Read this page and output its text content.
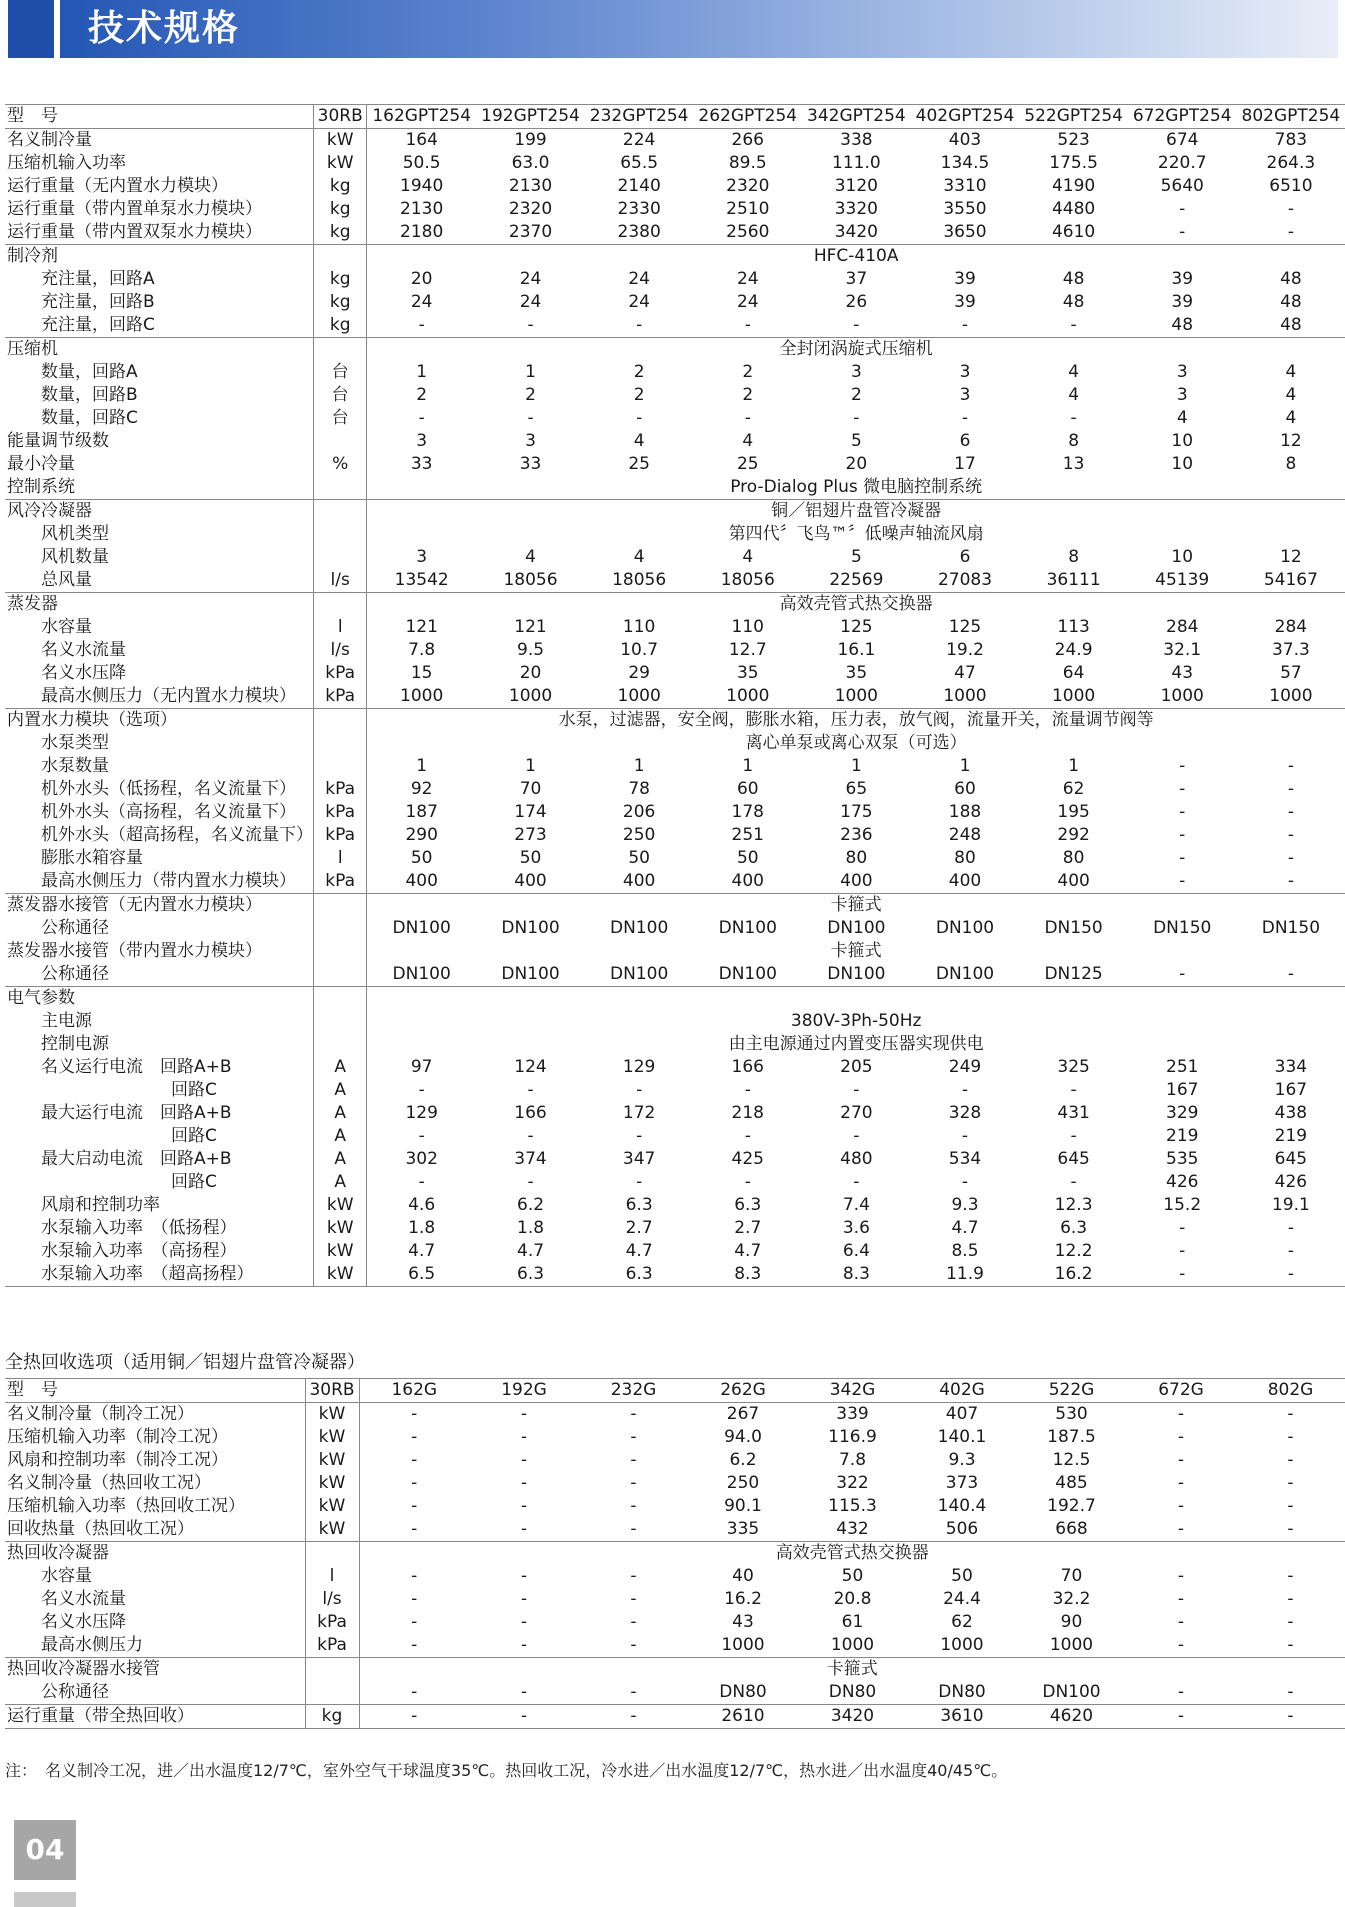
技术规格
型　号	30RB	162GPT254	192GPT254	232GPT254	262GPT254	342GPT254	402GPT254	522GPT254	672GPT254	802GPT254
名义制冷量	kW	164	199	224	266	338	403	523	674	783
压缩机输入功率	kW	50.5	63.0	65.5	89.5	111.0	134.5	175.5	220.7	264.3
运行重量（无内置水力模块）	kg	1940	2130	2140	2320	3120	3310	4190	5640	6510
运行重量（带内置单泵水力模块）	kg	2130	2320	2330	2510	3320	3550	4480	-	-
运行重量（带内置双泵水力模块）	kg	2180	2370	2380	2560	3420	3650	4610	-	-
制冷剂		HFC-410A								
充注量，回路A	kg	20	24	24	24	37	39	48	39	48
充注量，回路B	kg	24	24	24	24	26	39	48	39	48
充注量，回路C	kg	-	-	-	-	-	-	-	48	48
压缩机		全封闭涡旋式压缩机								
数量，回路A	台	1	1	2	2	3	3	4	3	4
数量，回路B	台	2	2	2	2	2	3	4	3	4
数量，回路C	台	-	-	-	-	-	-	-	4	4
能量调节级数		3	3	4	4	5	6	8	10	12
最小冷量	%	33	33	25	25	20	17	13	10	8
控制系统		Pro-Dialog Plus 微电脑控制系统								
风冷冷凝器		铜／铝翅片盘管冷凝器								
风机类型		第四代〞飞鸟™〞低噪声轴流风扇								
风机数量		3	4	4	4	5	6	8	10	12
总风量	l/s	13542	18056	18056	18056	22569	27083	36111	45139	54167
蒸发器		高效壳管式热交换器								
水容量	l	121	121	110	110	125	125	113	284	284
名义水流量	l/s	7.8	9.5	10.7	12.7	16.1	19.2	24.9	32.1	37.3
名义水压降	kPa	15	20	29	35	35	47	64	43	57
最高水侧压力（无内置水力模块）	kPa	1000	1000	1000	1000	1000	1000	1000	1000	1000
内置水力模块（选项）		水泵，过滤器，安全阀，膨胀水箱，压力表，放气阀，流量开关，流量调节阀等								
水泵类型		离心单泵或离心双泵（可选）								
水泵数量		1	1	1	1	1	1	1	-	-
机外水头（低扬程，名义流量下）	kPa	92	70	78	60	65	60	62	-	-
机外水头（高扬程，名义流量下）	kPa	187	174	206	178	175	188	195	-	-
机外水头（超高扬程，名义流量下）	kPa	290	273	250	251	236	248	292	-	-
膨胀水箱容量	l	50	50	50	50	80	80	80	-	-
最高水侧压力（带内置水力模块）	kPa	400	400	400	400	400	400	400	-	-
蒸发器水接管（无内置水力模块）		卡箍式								
公称通径		DN100	DN100	DN100	DN100	DN100	DN100	DN150	DN150	DN150
蒸发器水接管（带内置水力模块）		卡箍式								
公称通径		DN100	DN100	DN100	DN100	DN100	DN100	DN125	-	-
电气参数										
主电源		380V-3Ph-50Hz								
控制电源		由主电源通过内置变压器实现供电								
名义运行电流　回路A+B	A	97	124	129	166	205	249	325	251	334
回路C	A	-	-	-	-	-	-	-	167	167
最大运行电流　回路A+B	A	129	166	172	218	270	328	431	329	438
回路C	A	-	-	-	-	-	-	-	219	219
最大启动电流　回路A+B	A	302	374	347	425	480	534	645	535	645
回路C	A	-	-	-	-	-	-	-	426	426
风扇和控制功率	kW	4.6	6.2	6.3	6.3	7.4	9.3	12.3	15.2	19.1
水泵输入功率　（低扬程）	kW	1.8	1.8	2.7	2.7	3.6	4.7	6.3	-	-
水泵输入功率　（高扬程）	kW	4.7	4.7	4.7	4.7	6.4	8.5	12.2	-	-
水泵输入功率　（超高扬程）	kW	6.5	6.3	6.3	8.3	8.3	11.9	16.2	-	-
全热回收选项（适用铜／铝翅片盘管冷凝器）
型　号	30RB	162G	192G	232G	262G	342G	402G	522G	672G	802G
名义制冷量（制冷工况）	kW	-	-	-	267	339	407	530	-	-
压缩机输入功率（制冷工况）	kW	-	-	-	94.0	116.9	140.1	187.5	-	-
风扇和控制功率（制冷工况）	kW	-	-	-	6.2	7.8	9.3	12.5	-	-
名义制冷量（热回收工况）	kW	-	-	-	250	322	373	485	-	-
压缩机输入功率（热回收工况）	kW	-	-	-	90.1	115.3	140.4	192.7	-	-
回收热量（热回收工况）	kW	-	-	-	335	432	506	668	-	-
热回收冷凝器		高效壳管式热交换器								
水容量	l	-	-	-	40	50	50	70	-	-
名义水流量	l/s	-	-	-	16.2	20.8	24.4	32.2	-	-
名义水压降	kPa	-	-	-	43	61	62	90	-	-
最高水侧压力	kPa	-	-	-	1000	1000	1000	1000	-	-
热回收冷凝器水接管		卡箍式								
公称通径		-	-	-	DN80	DN80	DN80	DN100	-	-
运行重量（带全热回收）	kg	-	-	-	2610	3420	3610	4620	-	-
注：　名义制冷工况，进／出水温度12/7℃，室外空气干球温度35℃。热回收工况，冷水进／出水温度12/7℃，热水进／出水温度40/45℃。
04
